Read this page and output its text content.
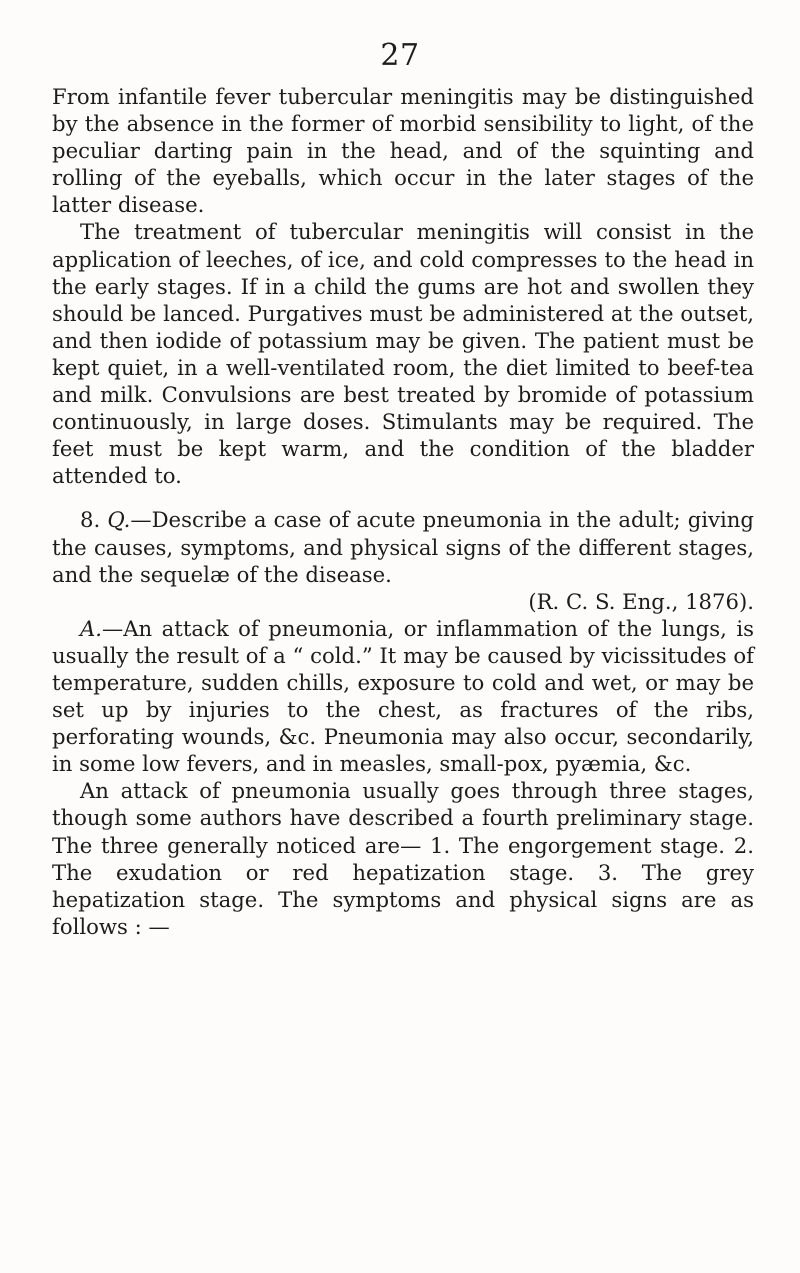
27

From infantile fever tubercular meningitis may be distinguished by the absence in the former of morbid sensibility to light, of the peculiar darting pain in the head, and of the squinting and rolling of the eyeballs, which occur in the later stages of the latter disease.

The treatment of tubercular meningitis will consist in the application of leeches, of ice, and cold compresses to the head in the early stages. If in a child the gums are hot and swollen they should be lanced. Purgatives must be administered at the outset, and then iodide of potassium may be given. The patient must be kept quiet, in a well-ventilated room, the diet limited to beef-tea and milk. Convulsions are best treated by bromide of potassium continuously, in large doses. Stimulants may be required. The feet must be kept warm, and the condition of the bladder attended to.

8. Q.—Describe a case of acute pneumonia in the adult; giving the causes, symptoms, and physical signs of the different stages, and the sequelæ of the disease.

(R. C. S. Eng., 1876).

A.—An attack of pneumonia, or inflammation of the lungs, is usually the result of a “ cold.” It may be caused by vicissitudes of temperature, sudden chills, exposure to cold and wet, or may be set up by injuries to the chest, as fractures of the ribs, perforating wounds, &c. Pneumonia may also occur, secondarily, in some low fevers, and in measles, small-pox, pyæmia, &c.

An attack of pneumonia usually goes through three stages, though some authors have described a fourth preliminary stage. The three generally noticed are— 1. The engorgement stage. 2. The exudation or red hepatization stage. 3. The grey hepatization stage. The symptoms and physical signs are as follows : —
